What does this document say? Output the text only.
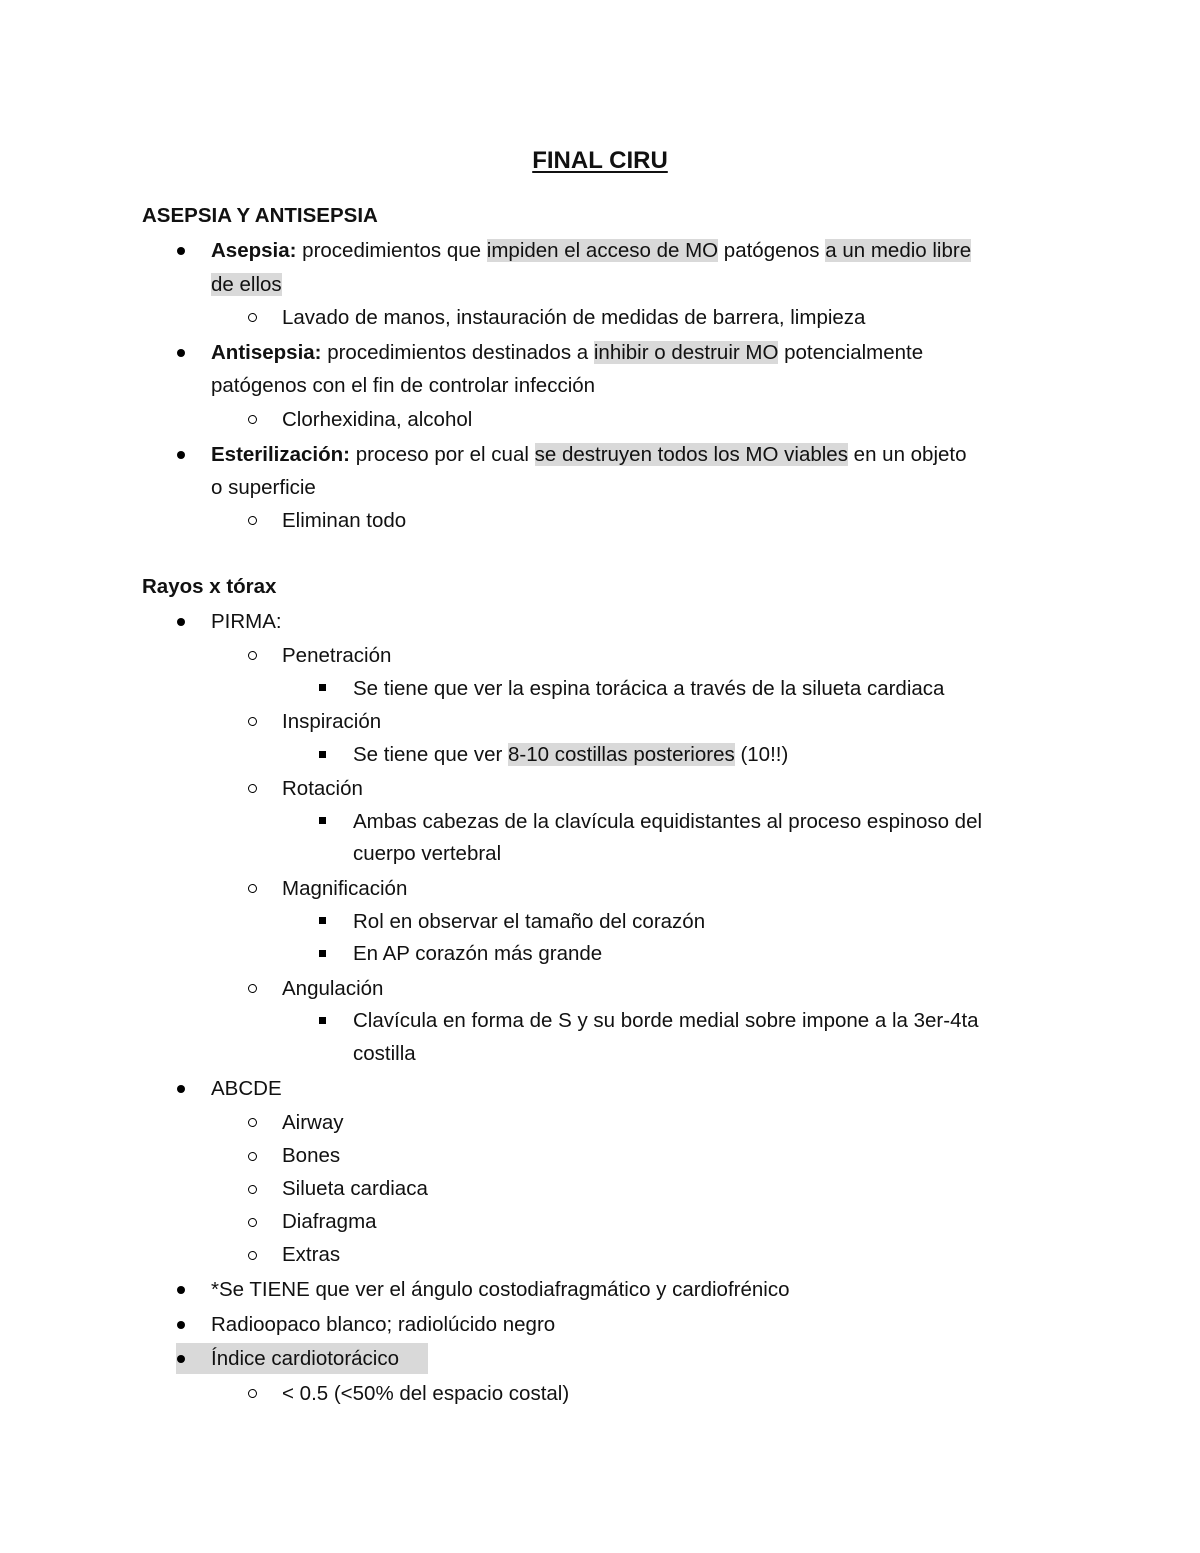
FINAL CIRU
ASEPSIA Y ANTISEPSIA
Asepsia: procedimientos que impiden el acceso de MO patógenos a un medio libre
de ellos
Lavado de manos, instauración de medidas de barrera, limpieza
Antisepsia: procedimientos destinados a inhibir o destruir MO potencialmente
patógenos con el fin de controlar infección
Clorhexidina, alcohol
Esterilización: proceso por el cual se destruyen todos los MO viables en un objeto
o superficie
Eliminan todo
Rayos x tórax
PIRMA:
Penetración
Se tiene que ver la espina torácica a través de la silueta cardiaca
Inspiración
Se tiene que ver 8-10 costillas posteriores (10!!)
Rotación
Ambas cabezas de la clavícula equidistantes al proceso espinoso del
cuerpo vertebral
Magnificación
Rol en observar el tamaño del corazón
En AP corazón más grande
Angulación
Clavícula en forma de S y su borde medial sobre impone a la 3er-4ta
costilla
ABCDE
Airway
Bones
Silueta cardiaca
Diafragma
Extras
*Se TIENE que ver el ángulo costodiafragmático y cardiofrénico
Radioopaco blanco; radiolúcido negro
Índice cardiotorácico
< 0.5 (<50% del espacio costal)
